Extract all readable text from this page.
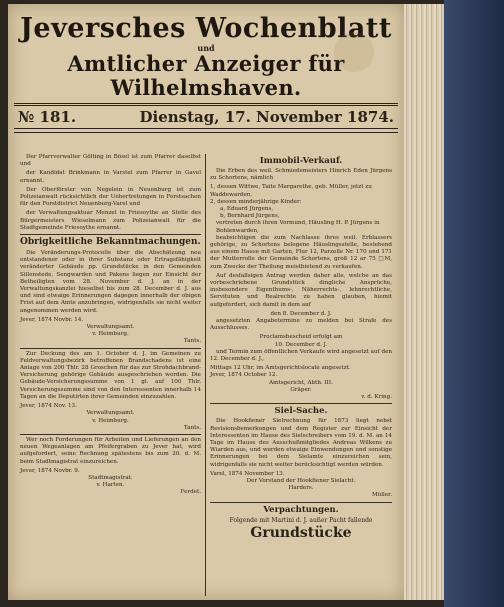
Jeversches Wochenblatt
und
Amtlicher Anzeiger für Wilhelmshaven.
№ 181.	Dienstag, 17. November 1874.

Der Pfarrverwalter Gölting in Bösel ist zum Pfarrer daselbst und

der Kandidat Brinkmann in Varstel zum Pfarrer in Gavel ernannt.

Der Oberförster von Negelein in Neuenburg ist zum Polizeianwalt rücksichtlich der Uebertretungen in Forstsachen für den Forstdistrict Neuenburg-Varel und

der Verwaltungsaktuar Menzel in Friesoythe an Stelle des Bürgermeisters Wieselmann zum Polizeianwalt für die Stadtgemeinde Friesoythe ernannt.

Obrigkeitliche Bekanntmachungen.

Die Veränderungs-Protocolle über die Abschätzung neu entstandener oder in ihrer Substanz oder Ertragsfähigkeit veränderter Gebäude pp. Grundstücke in den Gemeinden Sillenstede, Sengwarden und Pakens liegen zur Einsicht der Betheiligten vom 28. November d. J. an in der Verwaltungskanzlei hieselbst bis zum 28. December d. J. aus und sind etwaige Erinnerungen dagegen innerhalb der obigen Frist auf dem Amte anzubringen, widrigenfalls sie nicht weiter angenommen werden wird.

Jever, 1874 Novbr. 14.
Verwaltungsamt.
v. Heimburg.
Tants.

Zur Deckung des am 1. October d. J. im Gemeinen zu Feldverwaltungsbezirk betroffenen Brandschadens ist eine Anlage von 200 Thlr. 28 Groschen für das zur Strohdachbrand-Versicherung gehörige Gebäude ausgeschrieben worden. Die Gebäude-Versicherungssumme von 1 gl. auf 100 Thlr. Versicherungssumme sind von den Interessenten innerhalb 14 Tagen an die Deputirten ihrer Gemeinden einzuzahlen.

Jever, 1874 Nov. 13.
Verwaltungsamt.
v. Heimburg.
Tants.

Wer noch Forderungen für Arbeiten und Lieferungen an den neuen Wegeanlagen am Pfeifergraben zu Jever hat, wird aufgefordert, seine Rechnung spätestens bis zum 20. d. M. beim Stadtmagistrat einzureichen.

Jever, 1874 Novbr. 9.
Stadtmagistrat.
v. Harten.
Ferdet.
Immobil-Verkauf.

Die Erben des weil. Schmiedemeisters Hinrich Eden Jürgens zu Schortens, nämlich

1, dessen Wittwe, Taite Margarethe, geb. Müller, jetzt zu Waddewarden,
2, dessen minderjährige Kinder:
a, Eduard Jürgens,
b, Bernhard Jürgens,
vertreten durch ihren Vormund, Häusling H. P. Jürgens in Bohlenwarden,

beabsichtigen die zum Nachlasse ihres weil. Erblassers gehörige, zu Schortens belegene Häuslingsstelle, bestehend aus einem Hause mit Garten, Flur 12, Parzelle Nr. 170 und 171 der Mutterrolle der Gemeinde Schortens, groß 12 ar 75 □M, zum Zwecke der Theilung meistbietend zu verkaufen.

Auf desfallsigen Antrag werden daher alle, welche an das vorbeschriebene Grundstück dingliche Ansprüche, insbesondere Eigenthums-, Näherrechts-, lehnrechtliche, Servituten und Realrechte zu haben glauben, hiemit aufgefordert, sich damit in dem auf

den 8. December d. J.

angesetzten Angabetermine zu melden bei Strafe des Ausschlusses.

Proclamsbescheid erfolgt am
10. December d. J.

und Termin zum öffentlichen Verkaufe wird angesetzt auf den 12. December d. J.,

Mittags 12 Uhr, im Amtsgerichtslocale angesetzt.
Jever, 1874 October 12.
Amtsgericht, Abth. III.
Gräper.
v. d. Kring.
Siel-Sache.

Die Hookfiener Sielrechnung für 1873 liegt nebst Revisionsbemerkungen und dem Register zur Einsicht der Interessenten im Hause des Sielschreibers vom 19. d. M. an 14 Tage im Hause des Ausschußmitgliedes Andreas Wilkens zu Wiarden aus, und werden etwaige Einwendungen und sonstige Erinnerungen bei dem Sielamte einzureichen sein, widrigenfalls sie nicht weiter berücksichtigt werden würden.

Varel, 1874 November 13.
Der Vorstand der Hookfiener Sielacht.
Harders.
Müller.
Verpachtungen.
Folgende mit Martini d. J. außer Pacht fallende
Grundstücke
